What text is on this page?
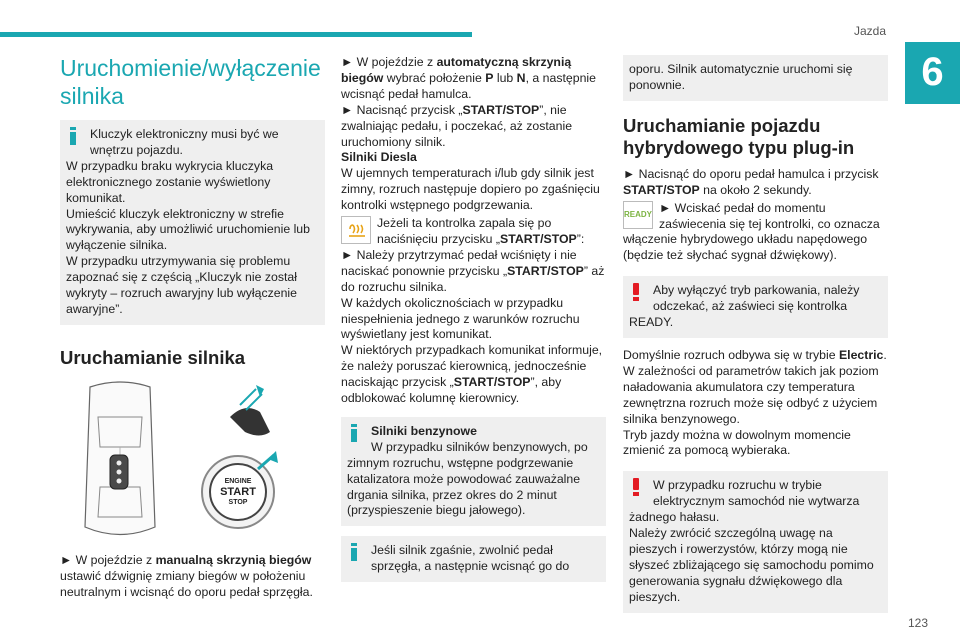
Jazda
6
123
Uruchomienie/wyłączenie silnika

Kluczyk elektroniczny musi być we

wnętrzu pojazdu.

W przypadku braku wykrycia kluczyka

elektronicznego zostanie wyświetlony

komunikat.

Umieścić kluczyk elektroniczny w strefie

wykrywania, aby umożliwić uruchomienie lub

wyłączenie silnika.

W przypadku utrzymywania się problemu

zapoznać się z częścią „Kluczyk nie został

wykryty – rozruch awaryjny lub wyłączenie

awaryjne”.

Uruchamianie silnika
ENGINE
START
STOP

► W pojeździe z manualną skrzynią biegów

ustawić dźwignię zmiany biegów w położeniu

neutralnym i wcisnąć do oporu pedał sprzęgła.

► W pojeździe z automatyczną skrzynią

biegów wybrać położenie P lub N, a następnie

wcisnąć pedał hamulca.

► Nacisnąć przycisk „START/STOP”, nie

zwalniając pedału, i poczekać, aż zostanie

uruchomiony silnik.

Silniki Diesla

W ujemnych temperaturach i/lub gdy silnik jest

zimny, rozruch następuje dopiero po zgaśnięciu

kontrolki wstępnego podgrzewania.

Jeżeli ta kontrolka zapala się po

naciśnięciu przycisku „START/STOP”:

► Należy przytrzymać pedał wciśnięty i nie

naciskać ponownie przycisku „START/STOP” aż

do rozruchu silnika.

W każdych okolicznościach w przypadku

niespełnienia jednego z warunków rozruchu

wyświetlany jest komunikat.

W niektórych przypadkach komunikat informuje,

że należy poruszać kierownicą, jednocześnie

naciskając przycisk „START/STOP”, aby

odblokować kolumnę kierownicy.

Silniki benzynowe

W przypadku silników benzynowych, po

zimnym rozruchu, wstępne podgrzewanie

katalizatora może powodować zauważalne

drgania silnika, przez okres do 2 minut

(przyspieszenie biegu jałowego).

Jeśli silnik zgaśnie, zwolnić pedał

sprzęgła, a następnie wcisnąć go do

oporu. Silnik automatycznie uruchomi się

ponownie.

Uruchamianie pojazdu hybrydowego typu plug-in

► Nacisnąć do oporu pedał hamulca i przycisk

START/STOP na około 2 sekundy.

READY ► Wciskać pedał do momentu

zaświecenia się tej kontrolki, co oznacza

włączenie hybrydowego układu napędowego

(będzie też słychać sygnał dźwiękowy).

Aby wyłączyć tryb parkowania, należy

odczekać, aż zaświeci się kontrolka

READY.

Domyślnie rozruch odbywa się w trybie Electric.

W zależności od parametrów takich jak poziom

naładowania akumulatora czy temperatura

zewnętrzna rozruch może się odbyć z użyciem

silnika benzynowego.

Tryb jazdy można w dowolnym momencie

zmienić za pomocą wybieraka.

W przypadku rozruchu w trybie

elektrycznym samochód nie wytwarza

żadnego hałasu.

Należy zwrócić szczególną uwagę na

pieszych i rowerzystów, którzy mogą nie

słyszeć zbliżającego się samochodu pomimo

generowania sygnału dźwiękowego dla

pieszych.
